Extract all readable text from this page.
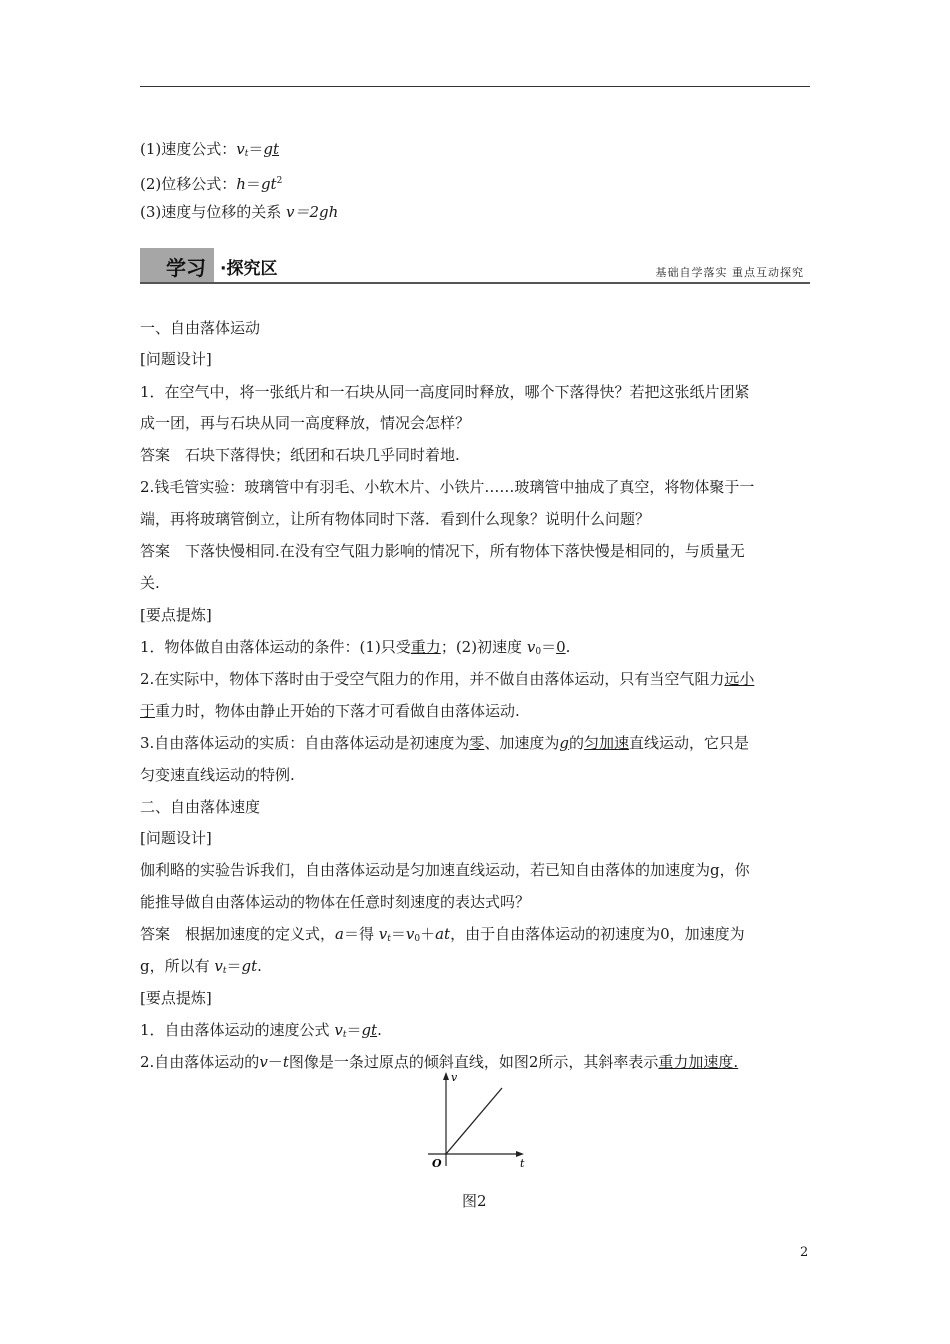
(1)速度公式：$v_t=gt$
(2)位移公式：$h=gt^2$
(3)速度与位移的关系 v＝2gh
学习 ·探究区	基础自学落实 重点互动探究
一、自由落体运动
[问题设计]
1．在空气中，将一张纸片和一石块从同一高度同时释放，哪个下落得快？若把这张纸片团紧
成一团，再与石块从同一高度释放，情况会怎样？
答案　石块下落得快；纸团和石块几乎同时着地.
2.钱毛管实验：玻璃管中有羽毛、小软木片、小铁片……玻璃管中抽成了真空，将物体聚于一
端，再将玻璃管倒立，让所有物体同时下落．看到什么现象？说明什么问题？
答案　下落快慢相同.在没有空气阻力影响的情况下，所有物体下落快慢是相同的，与质量无
关.
[要点提炼]
1．物体做自由落体运动的条件：(1)只受重力；(2)初速度 $v_0=0$.
2.在实际中，物体下落时由于受空气阻力的作用，并不做自由落体运动，只有当空气阻力远小
于重力时，物体由静止开始的下落才可看做自由落体运动.
3.自由落体运动的实质：自由落体运动是初速度为零、加速度为g的匀加速直线运动，它只是
匀变速直线运动的特例.
二、自由落体速度
[问题设计]
伽利略的实验告诉我们，自由落体运动是匀加速直线运动，若已知自由落体的加速度为g，你
能推导做自由落体运动的物体在任意时刻速度的表达式吗？
答案　根据加速度的定义式，a＝得 $v_t=v_0+at$，由于自由落体运动的初速度为0，加速度为
g，所以有 $v_t=gt$.
[要点提炼]
1．自由落体运动的速度公式 $v_t=gt$.
2.自由落体运动的v－t图像是一条过原点的倾斜直线，如图2所示，其斜率表示重力加速度.
v
t
O
图2
2
